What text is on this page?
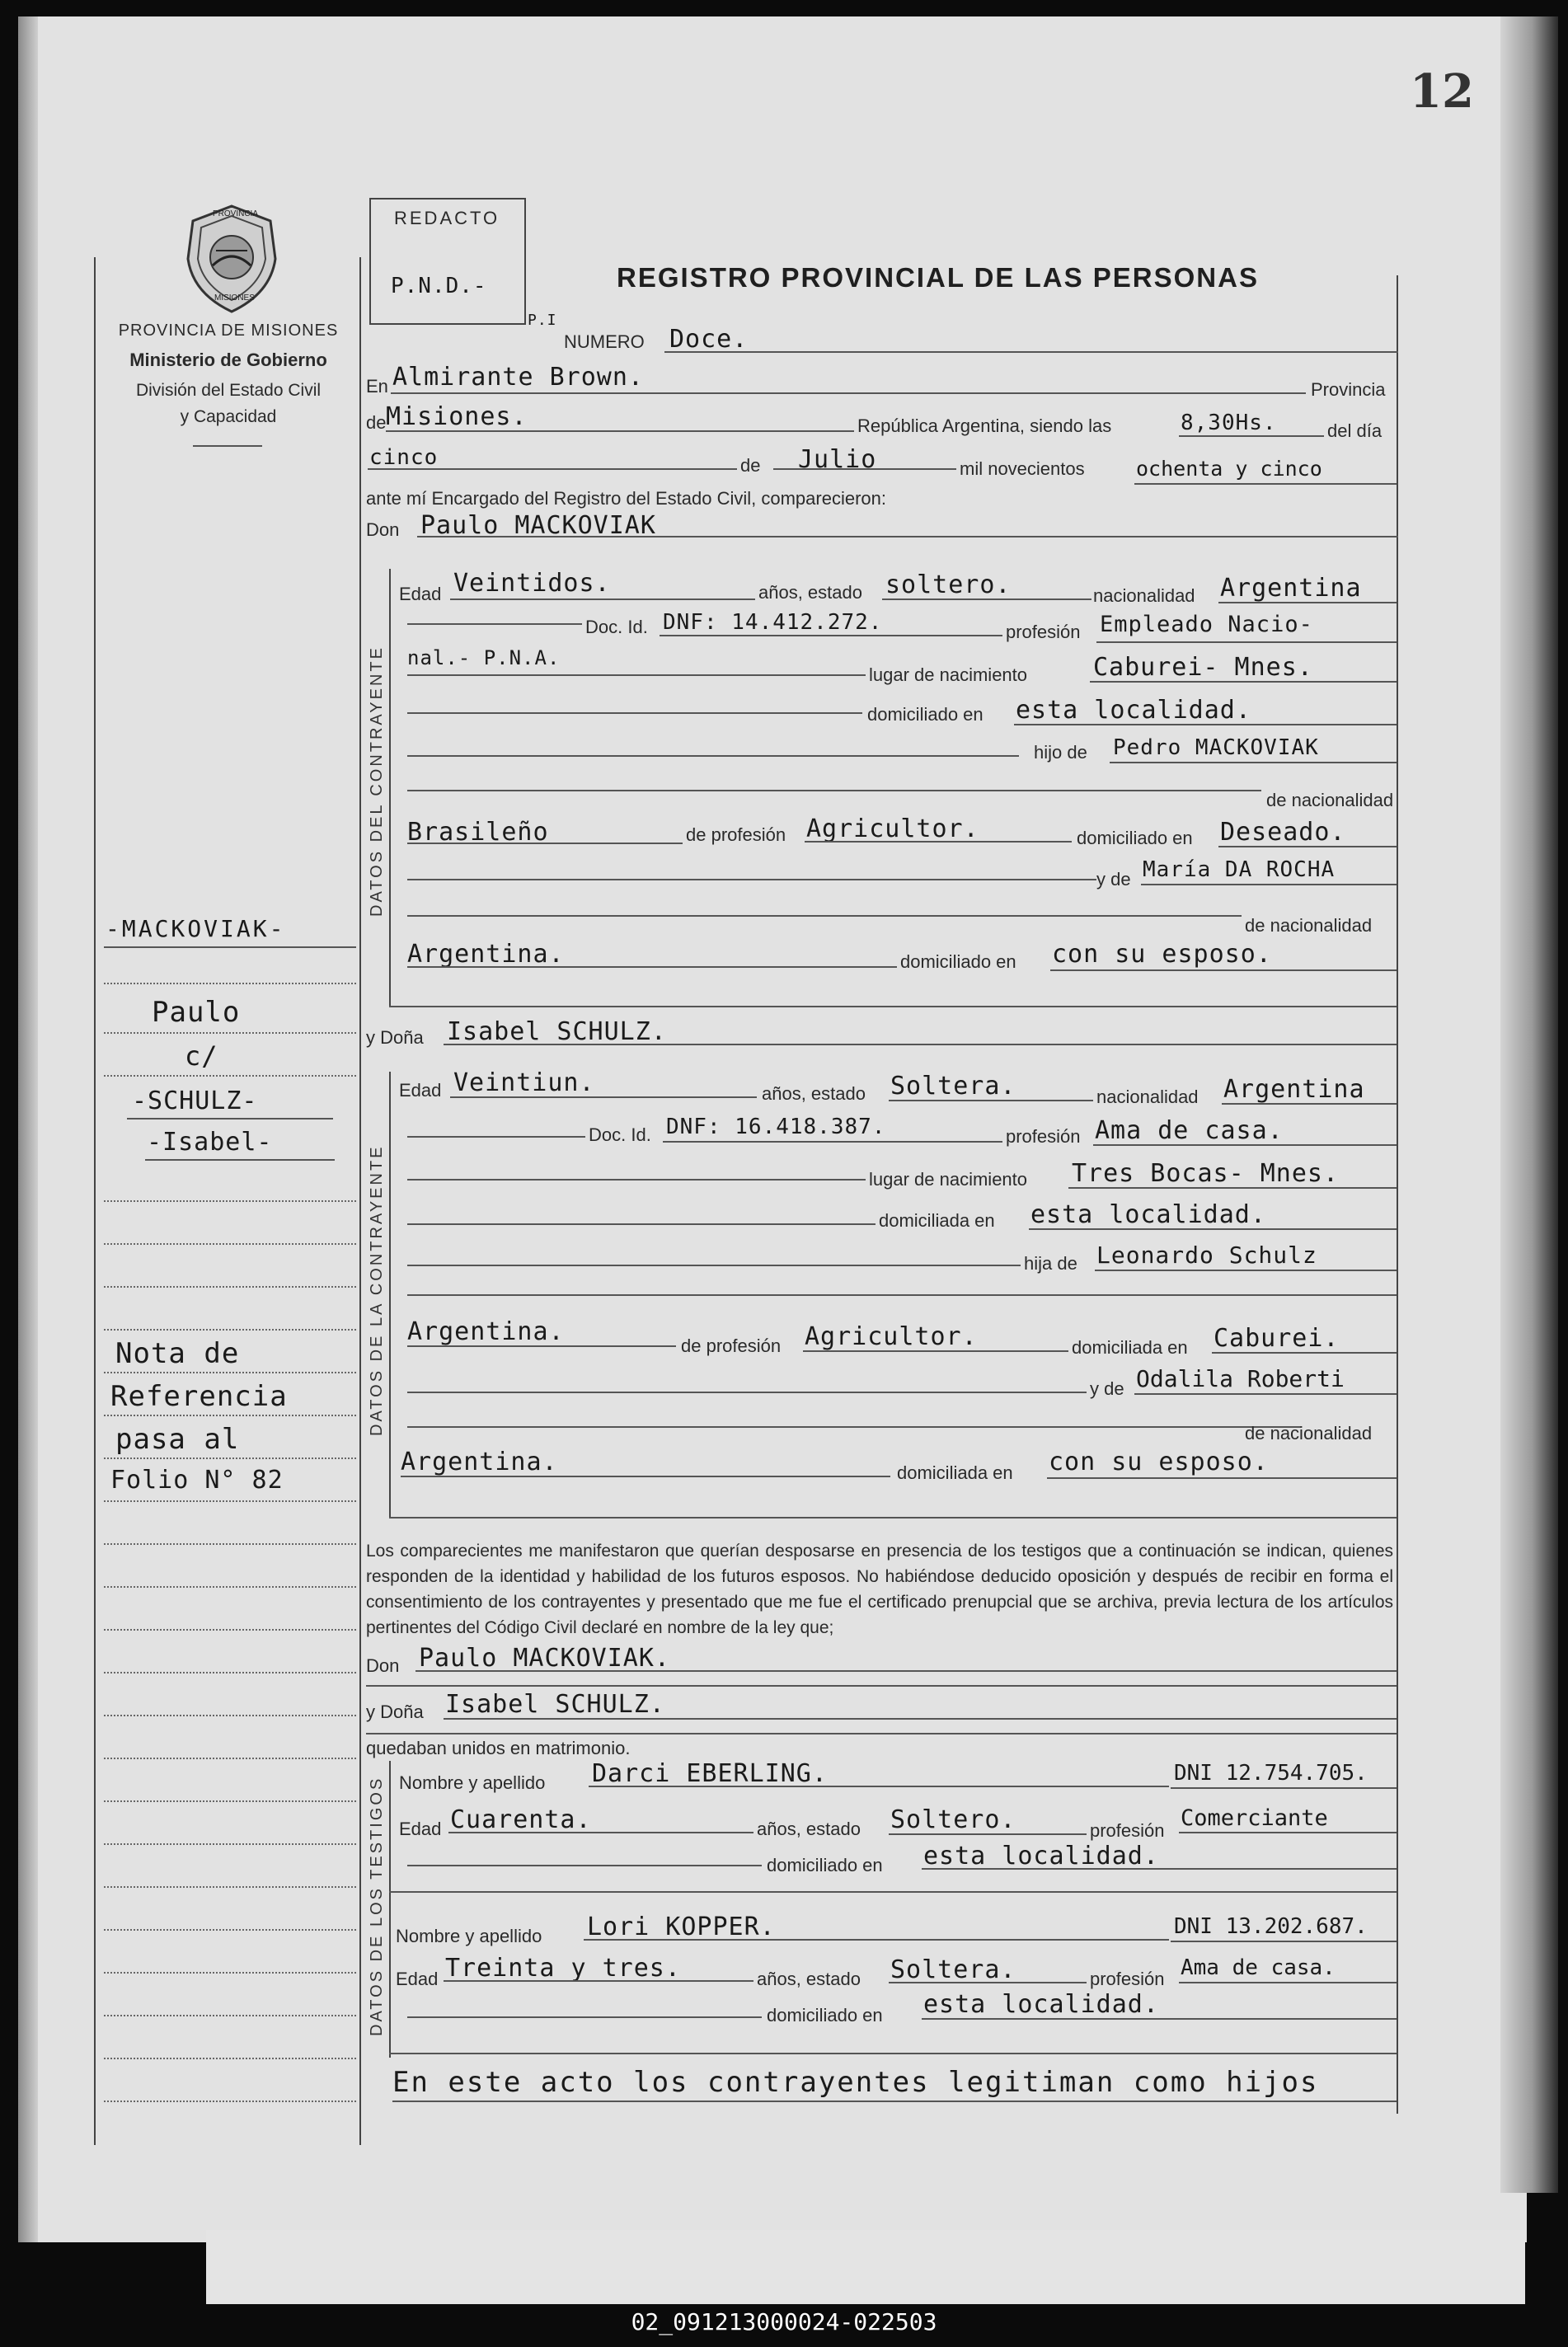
12
PROVINCIA
MISIONES
PROVINCIA DE MISIONES
Ministerio de Gobierno
División del Estado Civil
y Capacidad
REDACTO
P.N.D.-
P.I
REGISTRO PROVINCIAL DE LAS PERSONAS
NUMERO Doce.
En Almirante Brown.	Provincia
de Misiones.	República Argentina, siendo las	8,30Hs.	del día
cinco	de Julio	mil novecientos ochenta y cinco
ante mí Encargado del Registro del Estado Civil, comparecieron:
Don Paulo MACKOVIAK
DATOS DEL CONTRAYENTE
Edad Veintidos.	años, estado soltero.	nacionalidad Argentina
Doc. Id. DNF: 14.412.272.	profesión Empleado Nacio-
nal.- P.N.A.
lugar de nacimiento	Caburei- Mnes.
domiciliado en esta localidad.
hijo de Pedro MACKOVIAK
de nacionalidad
Brasileño	de profesión Agricultor.	domiciliado en Deseado.
y de María DA ROCHA
de nacionalidad
Argentina.	domiciliado en con su esposo.
y Doña Isabel SCHULZ.
DATOS DE LA CONTRAYENTE
Edad Veintiun.	años, estado Soltera.	nacionalidad Argentina
Doc. Id. DNF: 16.418.387.	profesión Ama de casa.
lugar de nacimiento Tres Bocas- Mnes.
domiciliada en esta localidad.
hija de Leonardo Schulz
Argentina.	de profesión Agricultor.	domiciliada en Caburei.
y de Odalila Roberti
de nacionalidad
Argentina.	domiciliada en con su esposo.
Los comparecientes me manifestaron que querían desposarse en presencia de los testigos que a continuación se indican, quienes responden de la identidad y habilidad de los futuros esposos. No habiéndose deducido oposición y después de recibir en forma el consentimiento de los contrayentes y presentado que me fue el certificado prenupcial que se archiva, previa lectura de los artículos pertinentes del Código Civil declaré en nombre de la ley que;
Don Paulo MACKOVIAK.
y Doña Isabel SCHULZ.
quedaban unidos en matrimonio.
DATOS DE LOS TESTIGOS Nombre y apellido Darci EBERLING.	DNI 12.754.705.
Edad Cuarenta.	años, estado Soltero.	profesión Comerciante
domiciliado en esta localidad.
Nombre y apellido Lori KOPPER.	DNI 13.202.687.
Edad Treinta y tres.	años, estado Soltera.	profesión Ama de casa.
domiciliado en esta localidad.
En este acto los contrayentes legitiman como hijos
-MACKOVIAK-
Paulo
c/
-SCHULZ-
-Isabel-
Nota de
Referencia
pasa al
Folio N° 82
02_091213000024-022503
